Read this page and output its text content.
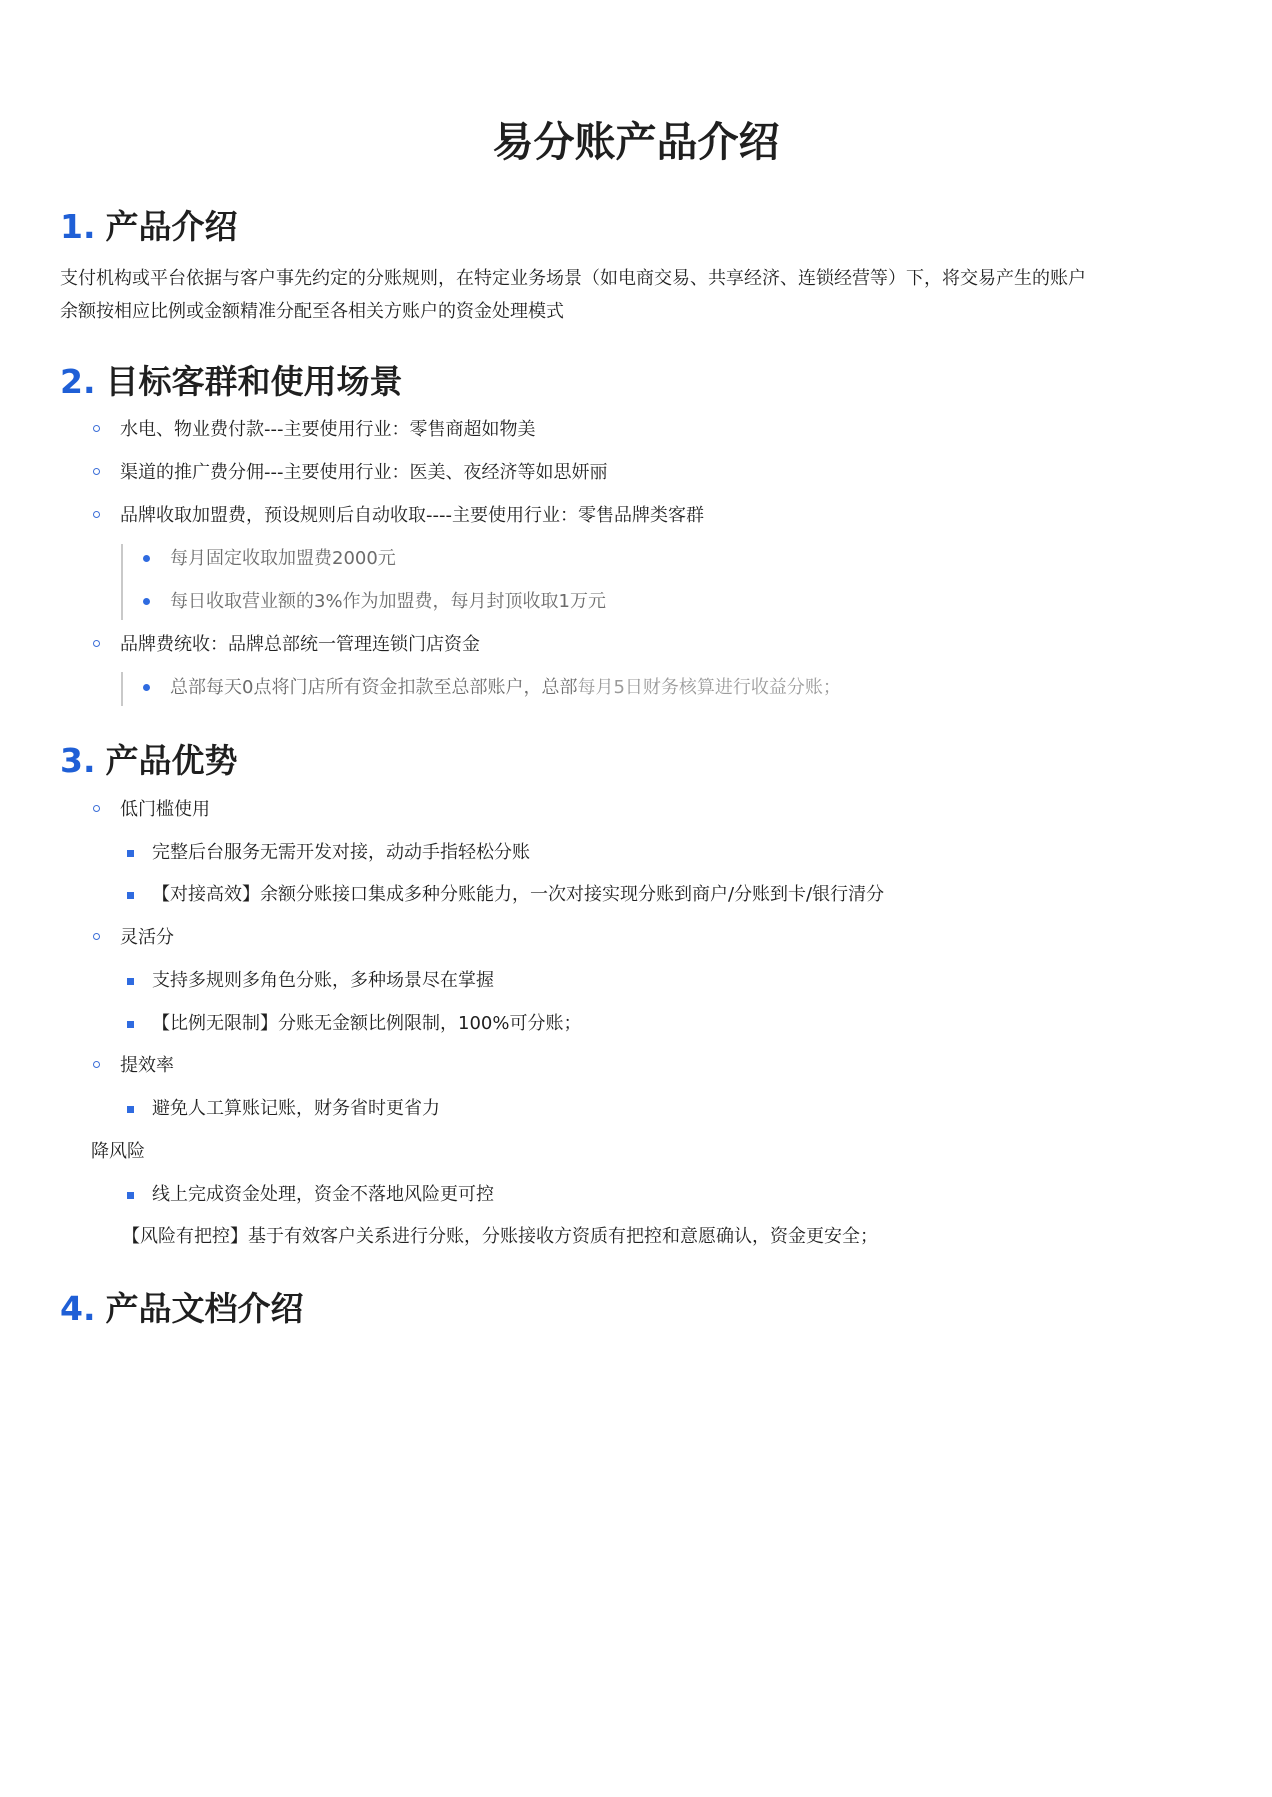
易分账产品介绍
1. 产品介绍
支付机构或平台依据与客户事先约定的分账规则，在特定业务场景（如电商交易、共享经济、连锁经营等）下，将交易产生的账户
余额按相应比例或金额精准分配至各相关方账户的资金处理模式
2. 目标客群和使用场景
水电、物业费付款---主要使用行业：零售商超如物美
渠道的推广费分佣---主要使用行业：医美、夜经济等如思妍丽
品牌收取加盟费，预设规则后自动收取----主要使用行业：零售品牌类客群
每月固定收取加盟费2000元
每日收取营业额的3%作为加盟费，每月封顶收取1万元
品牌费统收：品牌总部统一管理连锁门店资金
总部每天0点将门店所有资金扣款至总部账户，总部每月5日财务核算进行收益分账；
3. 产品优势
低门槛使用
完整后台服务无需开发对接，动动手指轻松分账
【对接高效】余额分账接口集成多种分账能力，一次对接实现分账到商户/分账到卡/银行清分
灵活分
支持多规则多角色分账，多种场景尽在掌握
【比例无限制】分账无金额比例限制，100%可分账；
提效率
避免人工算账记账，财务省时更省力
降风险
线上完成资金处理，资金不落地风险更可控
【风险有把控】基于有效客户关系进行分账，分账接收方资质有把控和意愿确认，资金更安全；
4. 产品文档介绍
